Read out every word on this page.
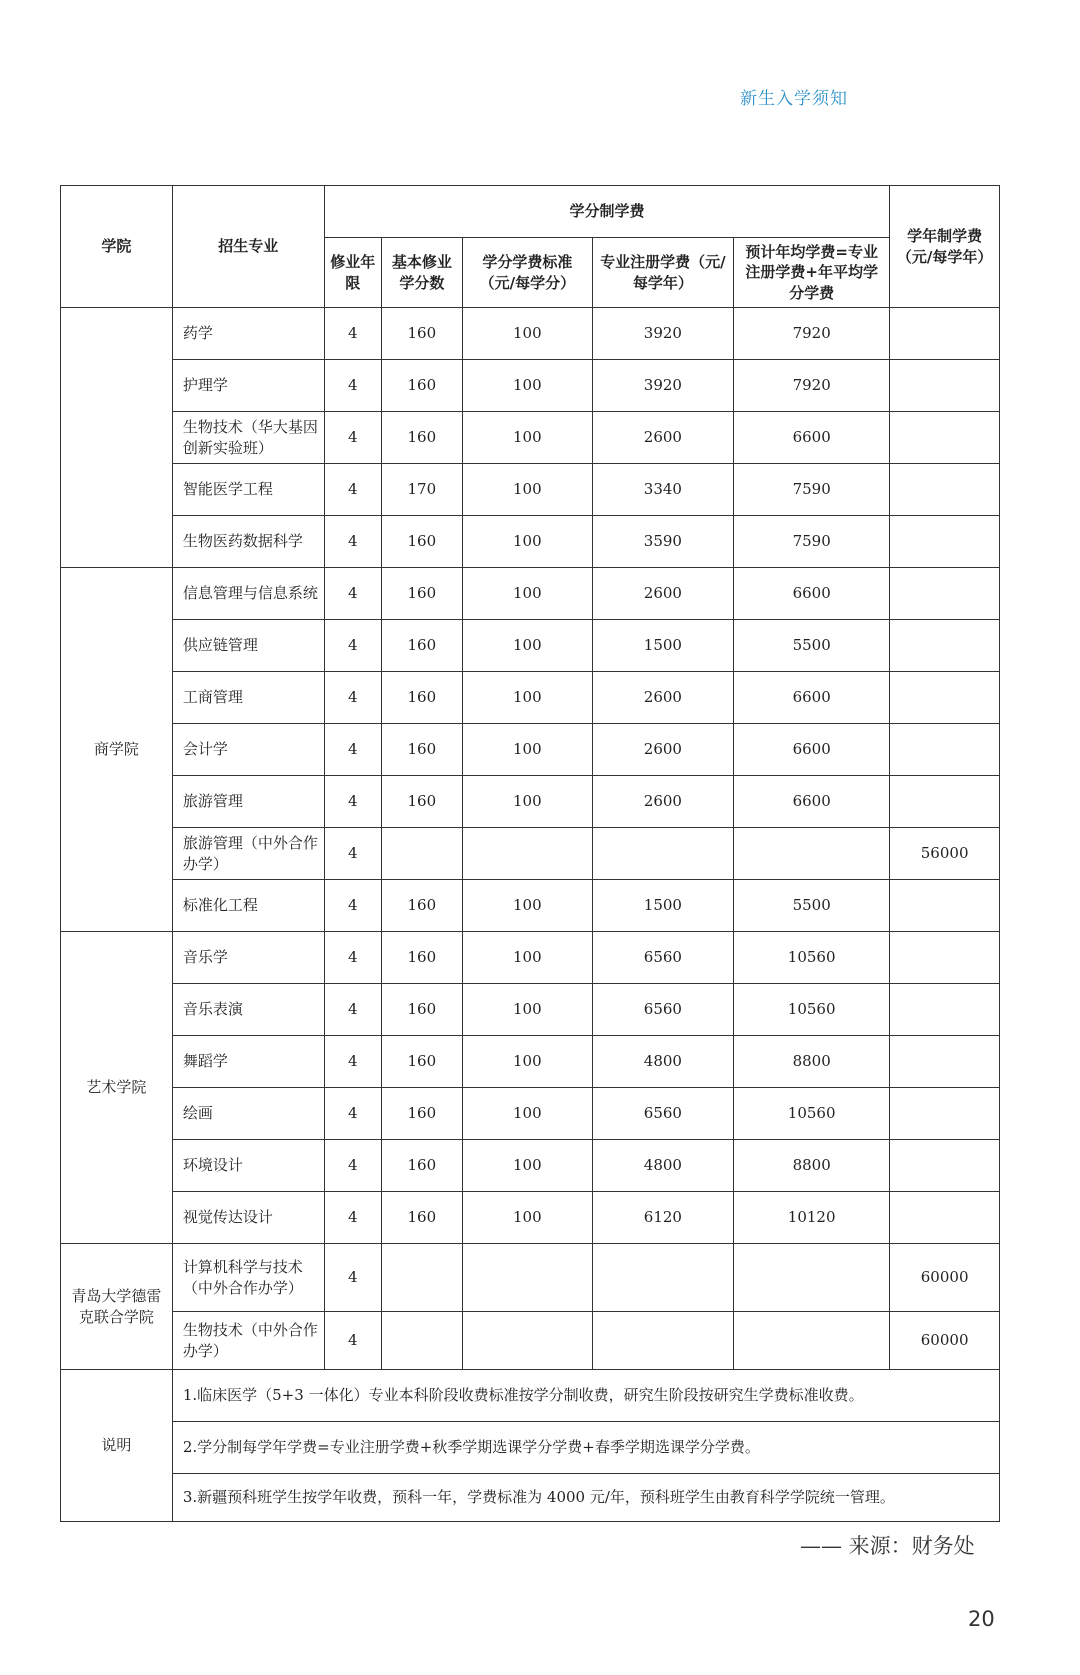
新生入学须知
学院	招生专业	学分制学费					学年制学费（元/每学年）
		修业年限	基本修业学分数	学分学费标准（元/每学分）	专业注册学费（元/每学年）	预计年均学费=专业注册学费+年平均学分学费	
	药学	4	160	100	3920	7920	
	护理学	4	160	100	3920	7920	
	生物技术（华大基因创新实验班）	4	160	100	2600	6600	
	智能医学工程	4	170	100	3340	7590	
	生物医药数据科学	4	160	100	3590	7590	
商学院	信息管理与信息系统	4	160	100	2600	6600	
	供应链管理	4	160	100	1500	5500	
	工商管理	4	160	100	2600	6600	
	会计学	4	160	100	2600	6600	
	旅游管理	4	160	100	2600	6600	
	旅游管理（中外合作办学）	4					56000
	标准化工程	4	160	100	1500	5500	
艺术学院	音乐学	4	160	100	6560	10560	
	音乐表演	4	160	100	6560	10560	
	舞蹈学	4	160	100	4800	8800	
	绘画	4	160	100	6560	10560	
	环境设计	4	160	100	4800	8800	
	视觉传达设计	4	160	100	6120	10120	
青岛大学德雷克联合学院	计算机科学与技术（中外合作办学）	4					60000
	生物技术（中外合作办学）	4					60000
说明	1.临床医学（5+3 一体化）专业本科阶段收费标准按学分制收费，研究生阶段按研究生学费标准收费。						
	2.学分制每学年学费=专业注册学费+秋季学期选课学分学费+春季学期选课学分学费。						
	3.新疆预科班学生按学年收费，预科一年，学费标准为 4000 元/年，预科班学生由教育科学学院统一管理。						
—— 来源：财务处
20
